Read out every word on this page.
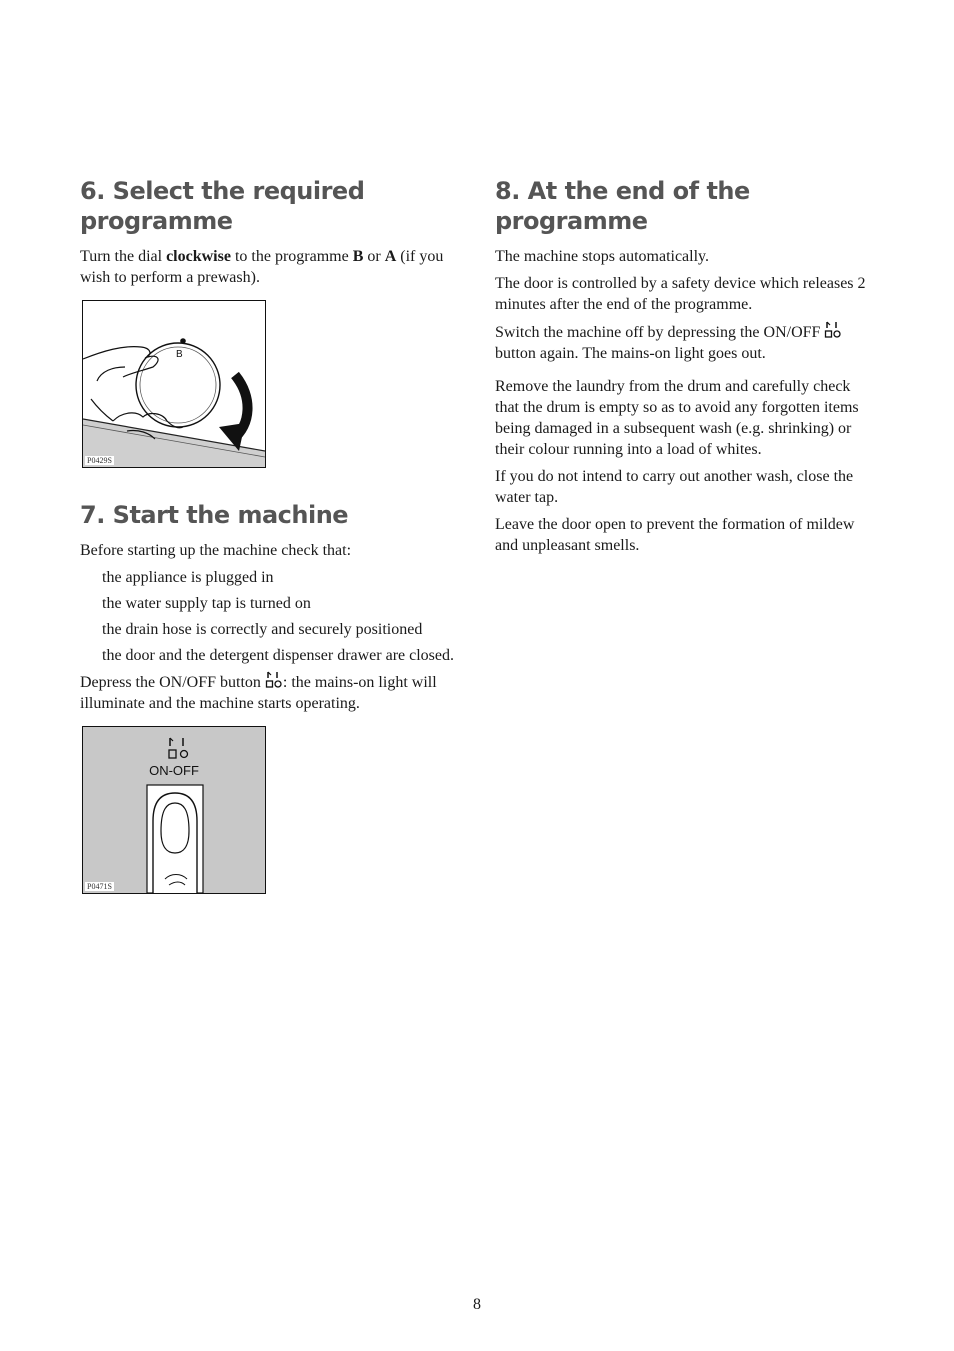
6. Select the required programme

Turn the dial clockwise to the programme B or A (if you wish to perform a prewash).

B
P0429S
7. Start the machine

Before starting up the machine check that:

the appliance is plugged in

the water supply tap is turned on

the drain hose is correctly and securely positioned

the door and the detergent dispenser drawer are closed.

Depress the ON/OFF button
: the mains-on light will illuminate and the machine starts operating.

ON-OFF
P0471S
8. At the end of the programme

The machine stops automatically.

The door is controlled by a safety device which releases 2 minutes after the end of the programme.

Switch the machine off by depressing the ON/OFF
button again. The mains-on light goes out.

Remove the laundry from the drum and carefully check that the drum is empty so as to avoid any forgotten items being damaged in a subsequent wash (e.g. shrinking) or their colour running into a load of whites.

If you do not intend to carry out another wash, close the water tap.

Leave the door open to prevent the formation of mildew and unpleasant smells.

8
